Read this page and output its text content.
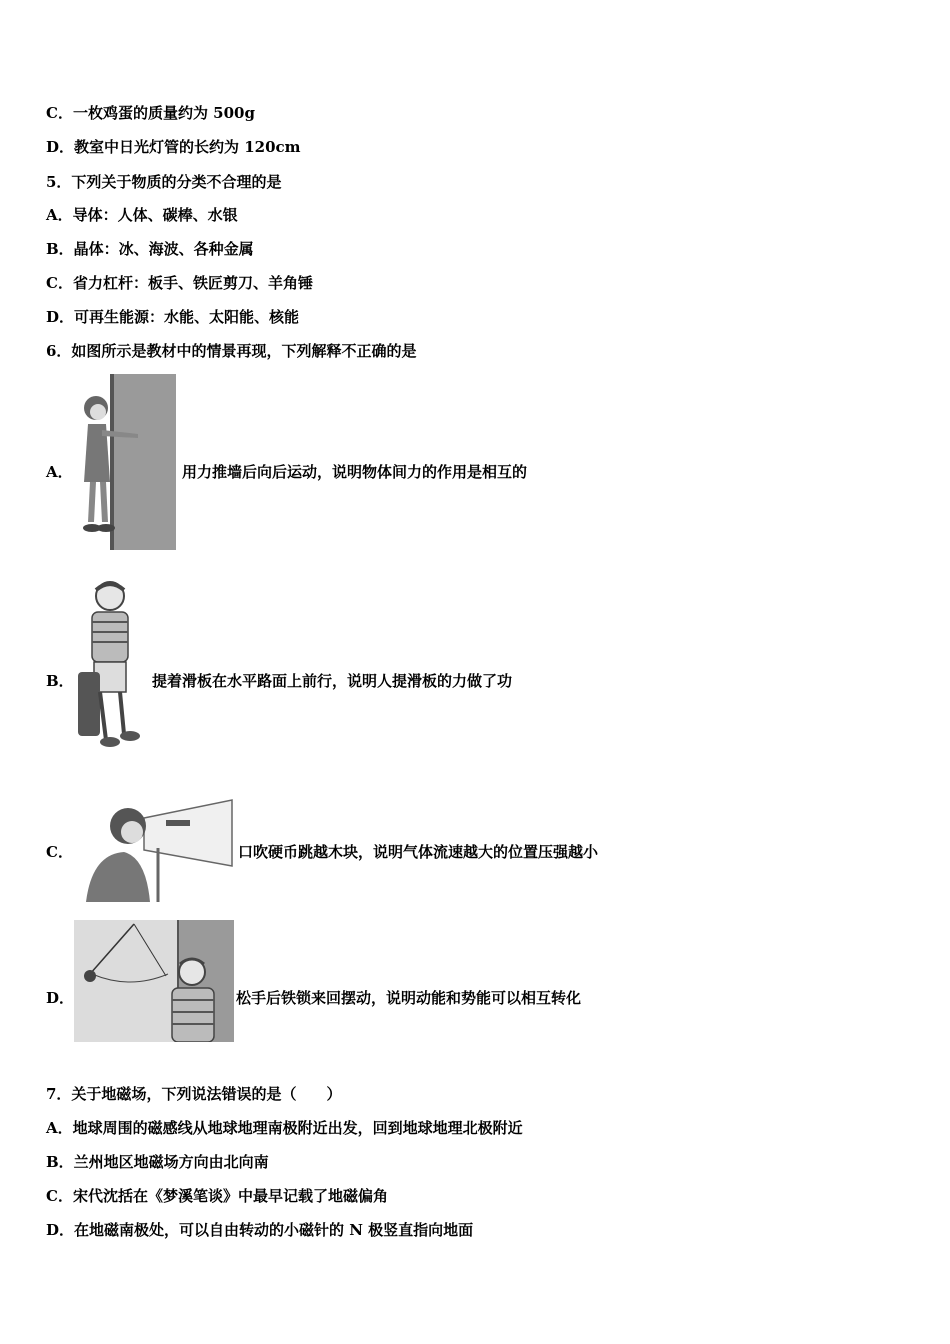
C．一枚鸡蛋的质量约为 500g
D．教室中日光灯管的长约为 120cm
5．下列关于物质的分类不合理的是
A．导体：人体、碳棒、水银
B．晶体：冰、海波、各种金属
C．省力杠杆：板手、铁匠剪刀、羊角锤
D．可再生能源：水能、太阳能、核能
6．如图所示是教材中的情景再现，下列解释不正确的是
A．	用力推墙后向后运动，说明物体间力的作用是相互的
B．	提着滑板在水平路面上前行，说明人提滑板的力做了功
C．	口吹硬币跳越木块，说明气体流速越大的位置压强越小
D．	松手后铁锁来回摆动，说明动能和势能可以相互转化
7．关于地磁场，下列说法错误的是（　　）
A．地球周围的磁感线从地球地理南极附近出发，回到地球地理北极附近
B．兰州地区地磁场方向由北向南
C．宋代沈括在《梦溪笔谈》中最早记载了地磁偏角
D．在地磁南极处，可以自由转动的小磁针的 N 极竖直指向地面
